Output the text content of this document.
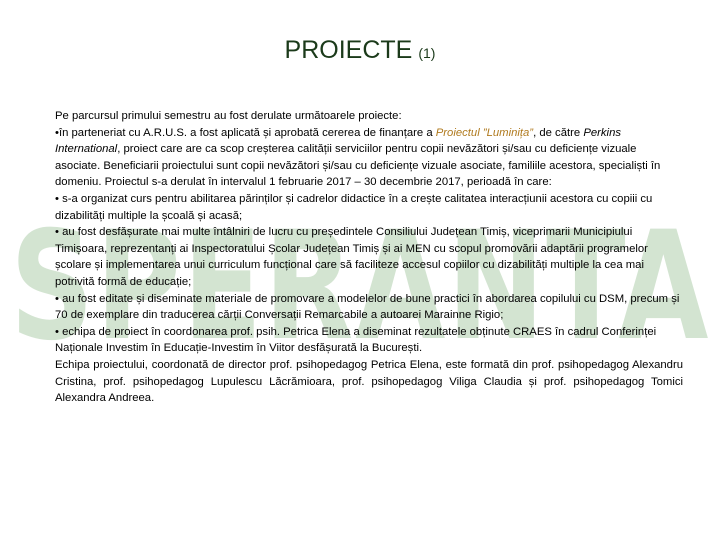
SPERANTA
PROIECTE (1)

Pe parcursul primului semestru au fost derulate următoarele proiecte:

•în parteneriat cu A.R.U.S. a fost aplicată și aprobată cererea de finanțare a Proiectul ”Luminița”, de către Perkins International, proiect care are ca scop creșterea calității serviciilor pentru copii nevăzători și/sau cu deficiențe vizuale asociate. Beneficiarii proiectului sunt copii nevăzători și/sau cu deficiențe vizuale asociate, familiile acestora, specialiști în domeniu. Proiectul s-a derulat în intervalul 1 februarie 2017 – 30 decembrie 2017, perioadă în care:

• s-a organizat curs pentru abilitarea părinților și cadrelor didactice în a crește calitatea interacțiunii acestora cu copiii cu dizabilități multiple la școală și acasă;

• au fost desfășurate mai multe întâlniri de lucru cu președintele Consiliului Județean Timiș, viceprimarii Municipiului Timișoara, reprezentanți ai Inspectoratului Școlar Județean Timiș și ai MEN cu scopul promovării adaptării programelor școlare și implementarea unui curriculum funcțional care să faciliteze accesul copiilor cu dizabilități multiple la cea mai potrivită formă de educație;

• au fost editate și diseminate materiale de promovare a modelelor de bune practici în abordarea copilului cu DSM, precum și 70 de exemplare din traducerea cărții Conversații Remarcabile a autoarei Marainne Rigio;

• echipa de proiect în coordonarea prof. psih. Petrica Elena a diseminat rezultatele obținute CRAES în cadrul Conferinței Naționale Investim în Educație-Investim în Viitor desfășurată la București.

Echipa proiectului, coordonată de director prof. psihopedagog Petrica Elena, este formată din prof. psihopedagog Alexandru Cristina, prof. psihopedagog Lupulescu Lăcrămioara, prof. psihopedagog Viliga Claudia și prof. psihopedagog Tomici Alexandra Andreea.
